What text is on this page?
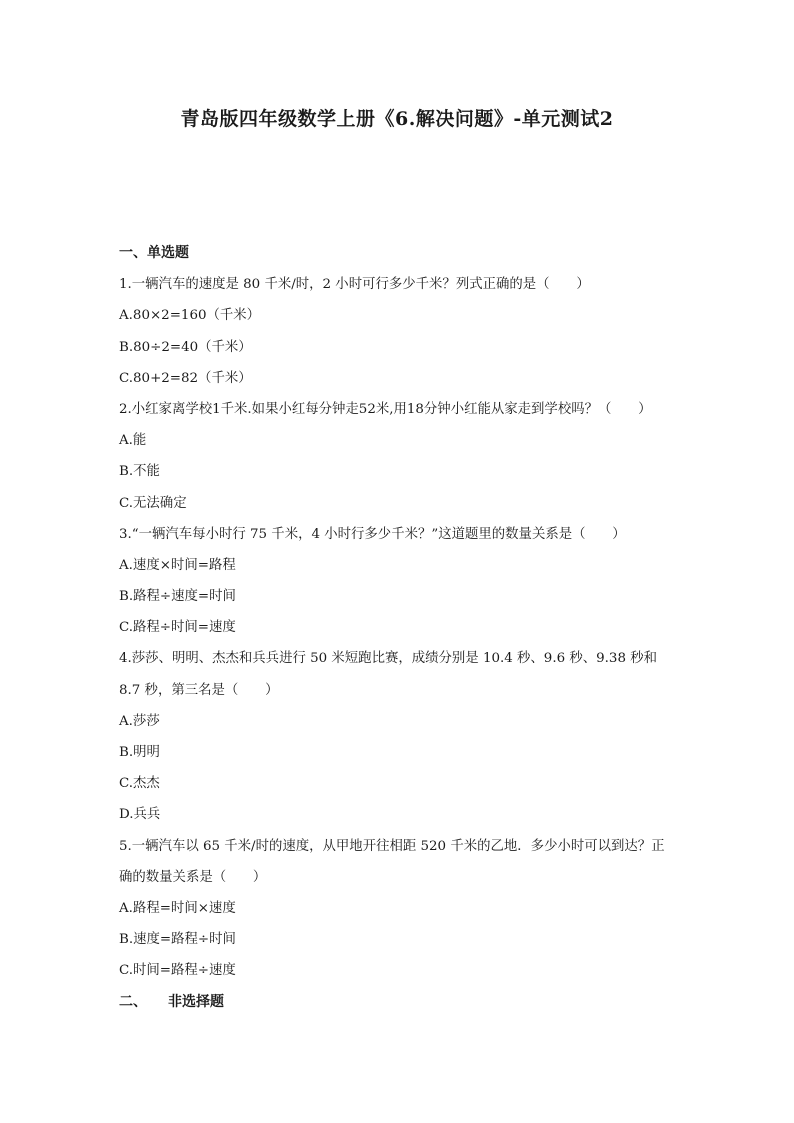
青岛版四年级数学上册《6.解决问题》-单元测试2
一、单选题
1.一辆汽车的速度是 80 千米/时，2 小时可行多少千米？列式正确的是（　　）
A.80×2=160（千米）
B.80÷2=40（千米）
C.80+2=82（千米）
2.小红家离学校1千米.如果小红每分钟走52米,用18分钟小红能从家走到学校吗？（　　）
A.能
B.不能
C.无法确定
3.“一辆汽车每小时行 75 千米，4 小时行多少千米？”这道题里的数量关系是（　　）
A.速度×时间=路程
B.路程÷速度=时间
C.路程÷时间=速度
4.莎莎、明明、杰杰和兵兵进行 50 米短跑比赛，成绩分别是 10.4 秒、9.6 秒、9.38 秒和
8.7 秒，第三名是（　　）
A.莎莎
B.明明
C.杰杰
D.兵兵
5.一辆汽车以 65 千米/时的速度，从甲地开往相距 520 千米的乙地．多少小时可以到达？正
确的数量关系是（　　）
A.路程=时间×速度
B.速度=路程÷时间
C.时间=路程÷速度
二、　　非选择题
